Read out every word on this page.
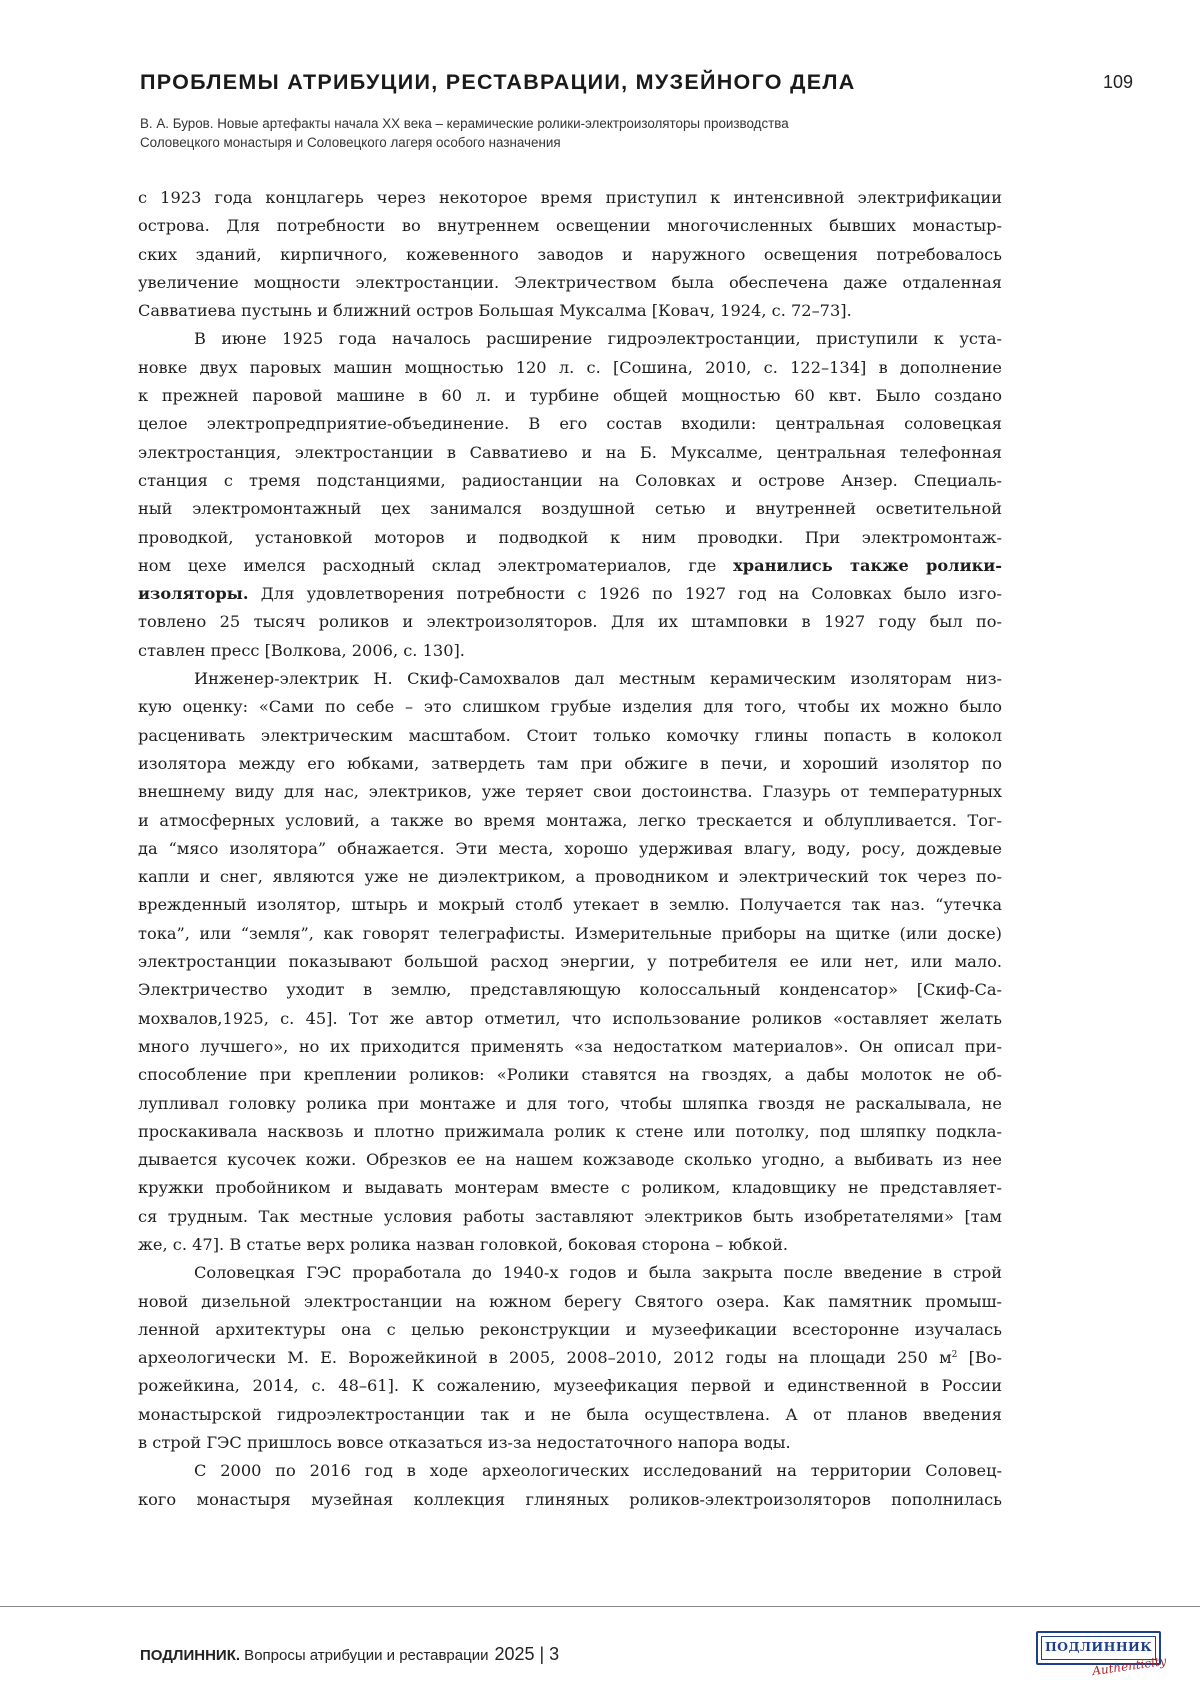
ПРОБЛЕМЫ АТРИБУЦИИ, РЕСТАВРАЦИИ, МУЗЕЙНОГО ДЕЛА	109
В. А. Буров. Новые артефакты начала XX века – керамические ролики-электроизоляторы производства
Соловецкого монастыря и Соловецкого лагеря особого назначения
с 1923 года концлагерь через некоторое время приступил к интенсивной электрификации
острова. Для потребности во внутреннем освещении многочисленных бывших монастыр-
ских зданий, кирпичного, кожевенного заводов и наружного освещения потребовалось
увеличение мощности электростанции. Электричеством была обеспечена даже отдаленная
Савватиева пустынь и ближний остров Большая Муксалма [Ковач, 1924, с. 72–73].
В июне 1925 года началось расширение гидроэлектростанции, приступили к уста-
новке двух паровых машин мощностью 120 л. с. [Сошина, 2010, с. 122–134] в дополнение
к прежней паровой машине в 60 л. и турбине общей мощностью 60 квт. Было создано
целое электропредприятие-объединение. В его состав входили: центральная соловецкая
электростанция, электростанции в Савватиево и на Б. Муксалме, центральная телефонная
станция с тремя подстанциями, радиостанции на Соловках и острове Анзер. Специаль-
ный электромонтажный цех занимался воздушной сетью и внутренней осветительной
проводкой, установкой моторов и подводкой к ним проводки. При электромонтаж-
ном цехе имелся расходный склад электроматериалов, где хранились также ролики-
изоляторы. Для удовлетворения потребности с 1926 по 1927 год на Соловках было изго-
товлено 25 тысяч роликов и электроизоляторов. Для их штамповки в 1927 году был по-
ставлен пресс [Волкова, 2006, с. 130].
Инженер-электрик Н. Скиф-Самохвалов дал местным керамическим изоляторам низ-
кую оценку: «Сами по себе – это слишком грубые изделия для того, чтобы их можно было
расценивать электрическим масштабом. Стоит только комочку глины попасть в колокол
изолятора между его юбками, затвердеть там при обжиге в печи, и хороший изолятор по
внешнему виду для нас, электриков, уже теряет свои достоинства. Глазурь от температурных
и атмосферных условий, а также во время монтажа, легко трескается и облупливается. Тог-
да “мясо изолятора” обнажается. Эти места, хорошо удерживая влагу, воду, росу, дождевые
капли и снег, являются уже не диэлектриком, а проводником и электрический ток через по-
врежденный изолятор, штырь и мокрый столб утекает в землю. Получается так наз. “утечка
тока”, или “земля”, как говорят телеграфисты. Измерительные приборы на щитке (или доске)
электростанции показывают большой расход энергии, у потребителя ее или нет, или мало.
Электричество уходит в землю, представляющую колоссальный конденсатор» [Скиф-Са-
мохвалов,1925, с. 45]. Тот же автор отметил, что использование роликов «оставляет желать
много лучшего», но их приходится применять «за недостатком материалов». Он описал при-
способление при креплении роликов: «Ролики ставятся на гвоздях, а дабы молоток не об-
лупливал головку ролика при монтаже и для того, чтобы шляпка гвоздя не раскалывала, не
проскакивала насквозь и плотно прижимала ролик к стене или потолку, под шляпку подкла-
дывается кусочек кожи. Обрезков ее на нашем кожзаводе сколько угодно, а выбивать из нее
кружки пробойником и выдавать монтерам вместе с роликом, кладовщику не представляет-
ся трудным. Так местные условия работы заставляют электриков быть изобретателями» [там
же, с. 47]. В статье верх ролика назван головкой, боковая сторона – юбкой.
Соловецкая ГЭС проработала до 1940-х годов и была закрыта после введение в строй
новой дизельной электростанции на южном берегу Святого озера. Как памятник промыш-
ленной архитектуры она с целью реконструкции и музеефикации всесторонне изучалась
археологически М. Е. Ворожейкиной в 2005, 2008–2010, 2012 годы на площади 250 $м^2$ [Во-
рожейкина, 2014, с. 48–61]. К сожалению, музеефикация первой и единственной в России
монастырской гидроэлектростанции так и не была осуществлена. А от планов введения
в строй ГЭС пришлось вовсе отказаться из-за недостаточного напора воды.
С 2000 по 2016 год в ходе археологических исследований на территории Соловец-
кого монастыря музейная коллекция глиняных роликов-электроизоляторов пополнилась
ПОДЛИННИК. Вопросы атрибуции и реставрации 2025 | 3	ПОДЛИННИК
Authenticity
